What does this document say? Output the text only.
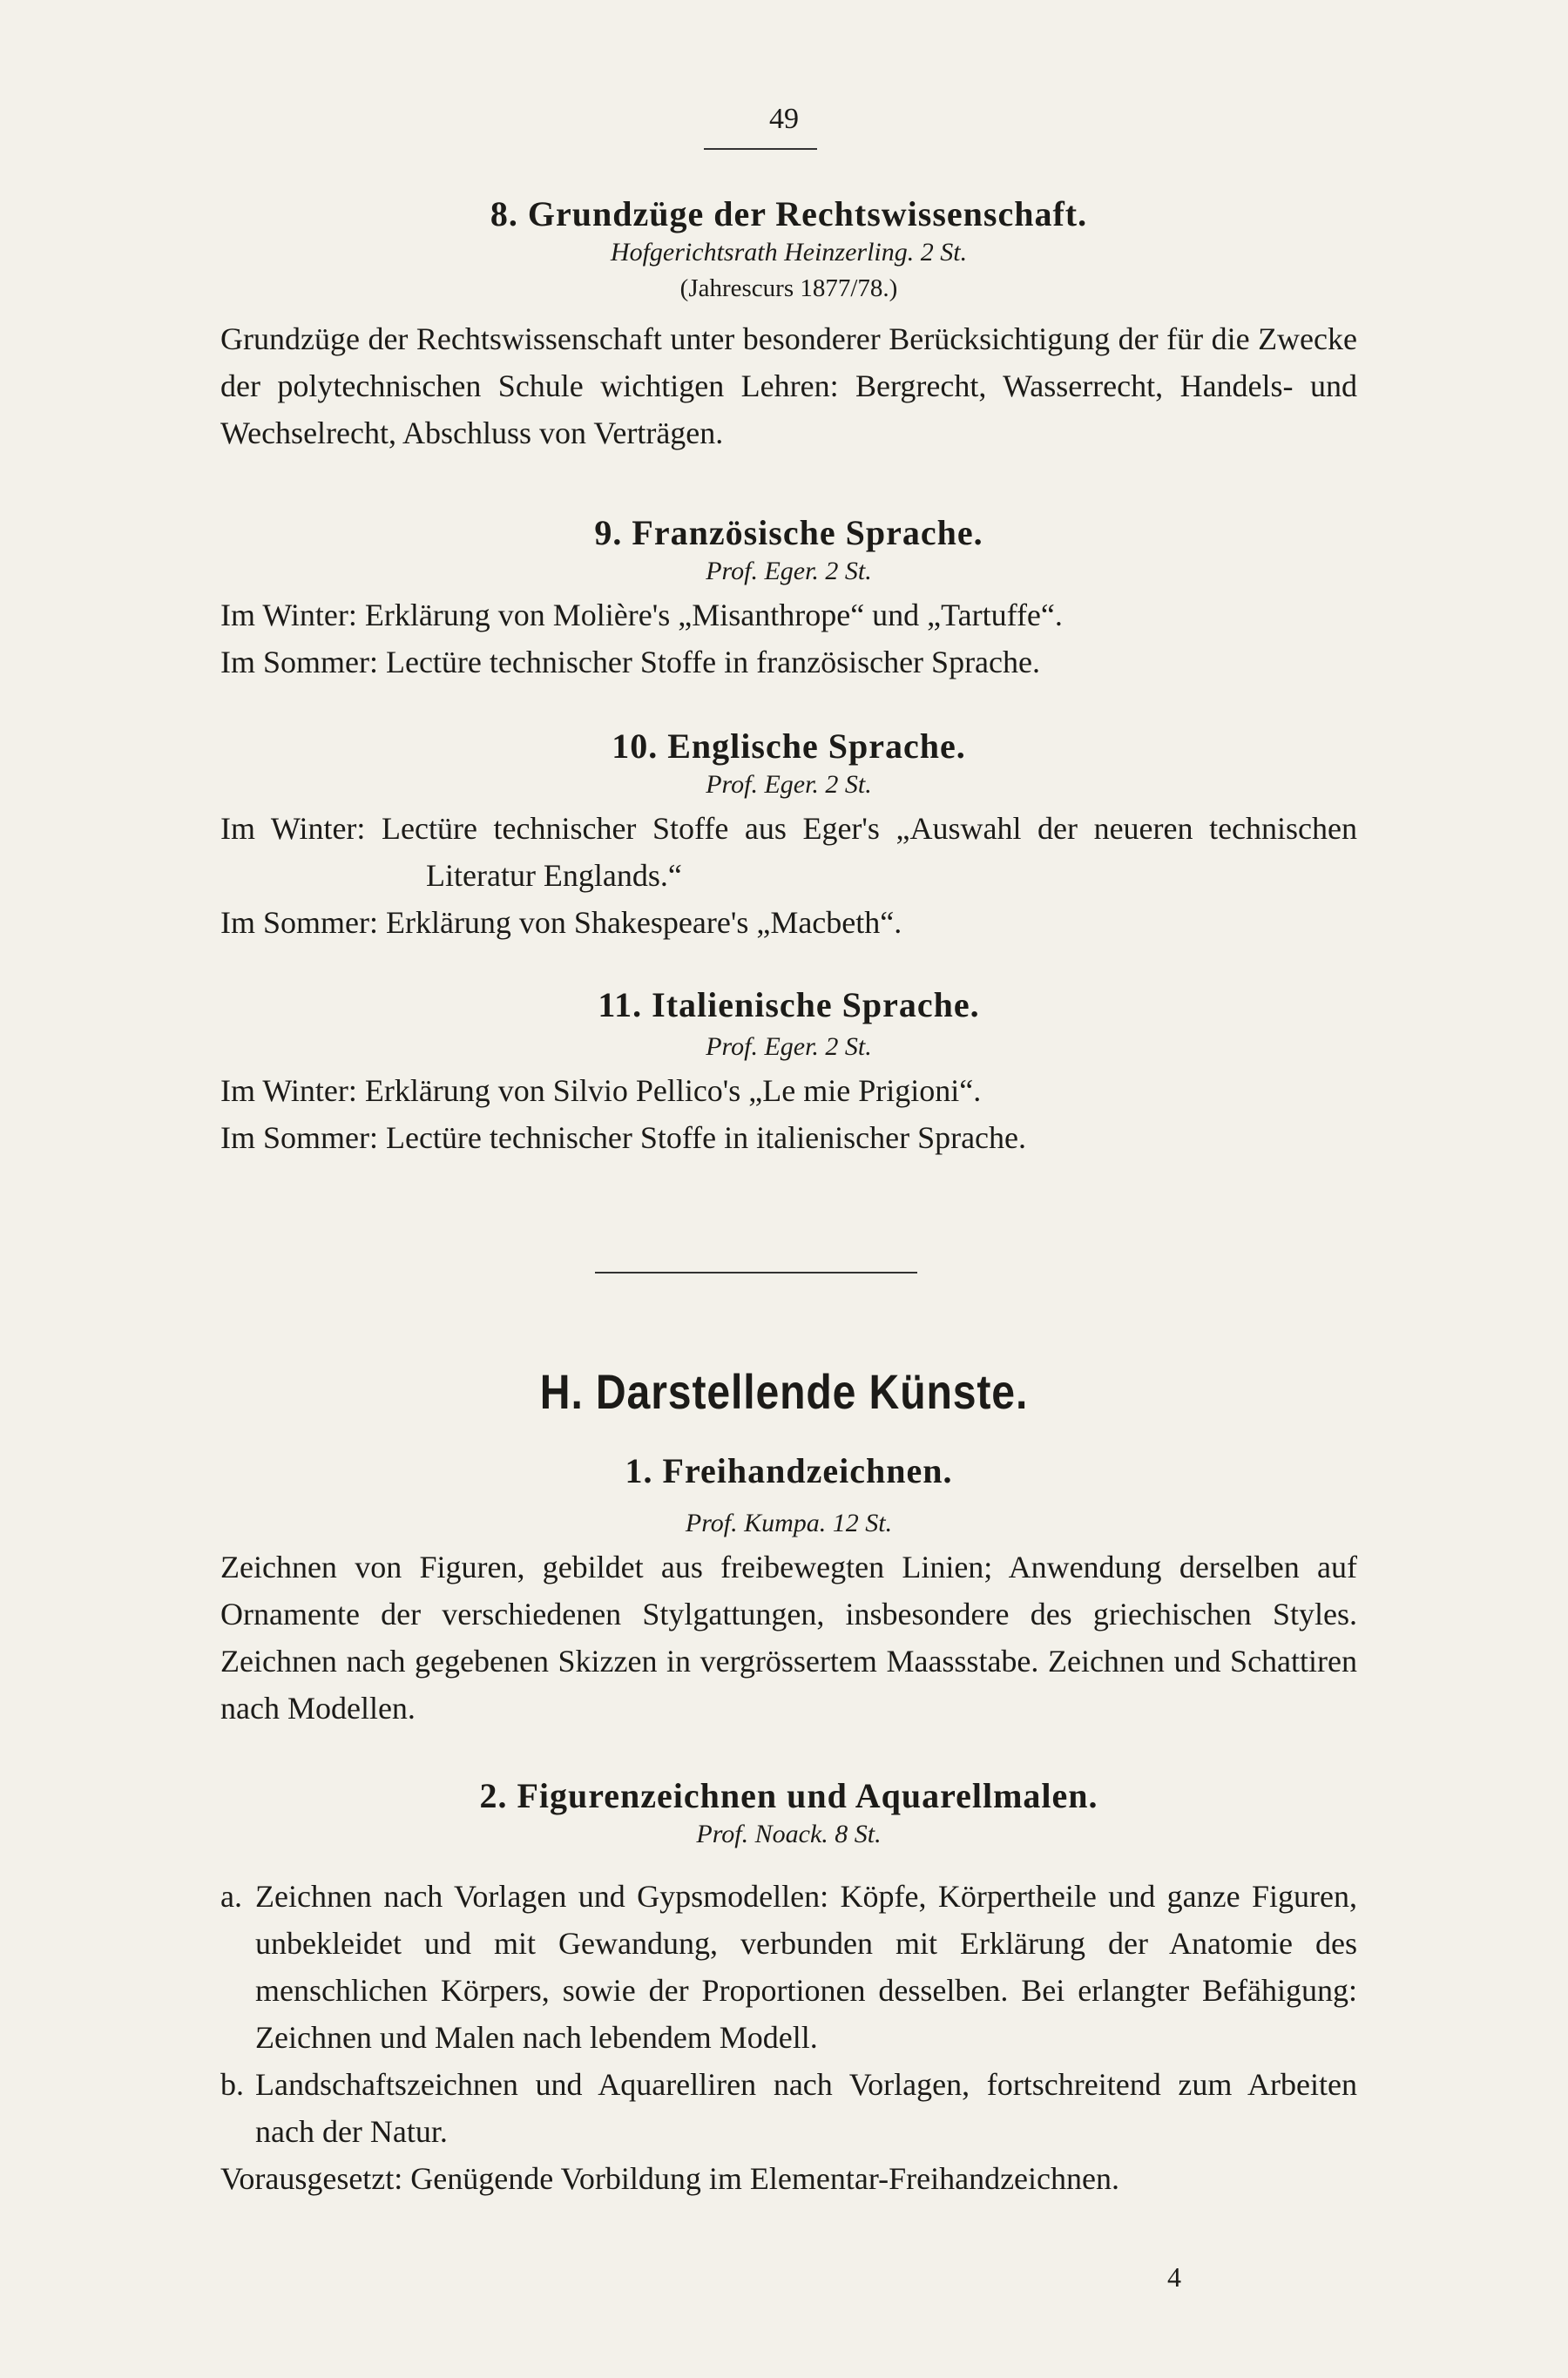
49

8. Grundzüge der Rechtswissenschaft.

Hofgerichtsrath Heinzerling. 2 St.

(Jahrescurs 1877/78.)

Grundzüge der Rechtswissenschaft unter besonderer Berücksichtigung der für die Zwecke der polytechnischen Schule wichtigen Lehren: Bergrecht, Wasserrecht, Handels- und Wechselrecht, Abschluss von Verträgen.

9. Französische Sprache.

Prof. Eger. 2 St.

Im Winter: Erklärung von Molière's „Misanthrope“ und „Tartuffe“.

Im Sommer: Lectüre technischer Stoffe in französischer Sprache.

10. Englische Sprache.

Prof. Eger. 2 St.

Im Winter: Lectüre technischer Stoffe aus Eger's „Auswahl der neueren technischen Literatur Englands.“

Im Sommer: Erklärung von Shakespeare's „Macbeth“.

11. Italienische Sprache.

Prof. Eger. 2 St.

Im Winter: Erklärung von Silvio Pellico's „Le mie Prigioni“.

Im Sommer: Lectüre technischer Stoffe in italienischer Sprache.

H. Darstellende Künste.

1. Freihandzeichnen.

Prof. Kumpa. 12 St.

Zeichnen von Figuren, gebildet aus freibewegten Linien; Anwendung derselben auf Ornamente der verschiedenen Stylgattungen, insbesondere des griechischen Styles. Zeichnen nach gegebenen Skizzen in vergrössertem Maassstabe. Zeichnen und Schattiren nach Modellen.

2. Figurenzeichnen und Aquarellmalen.

Prof. Noack. 8 St.

a. Zeichnen nach Vorlagen und Gypsmodellen: Köpfe, Körpertheile und ganze Figuren, unbekleidet und mit Gewandung, verbunden mit Erklärung der Anatomie des menschlichen Körpers, sowie der Proportionen desselben. Bei erlangter Befähigung: Zeichnen und Malen nach lebendem Modell.
b. Landschaftszeichnen und Aquarelliren nach Vorlagen, fortschreitend zum Arbeiten nach der Natur.

Vorausgesetzt: Genügende Vorbildung im Elementar-Freihandzeichnen.

4
